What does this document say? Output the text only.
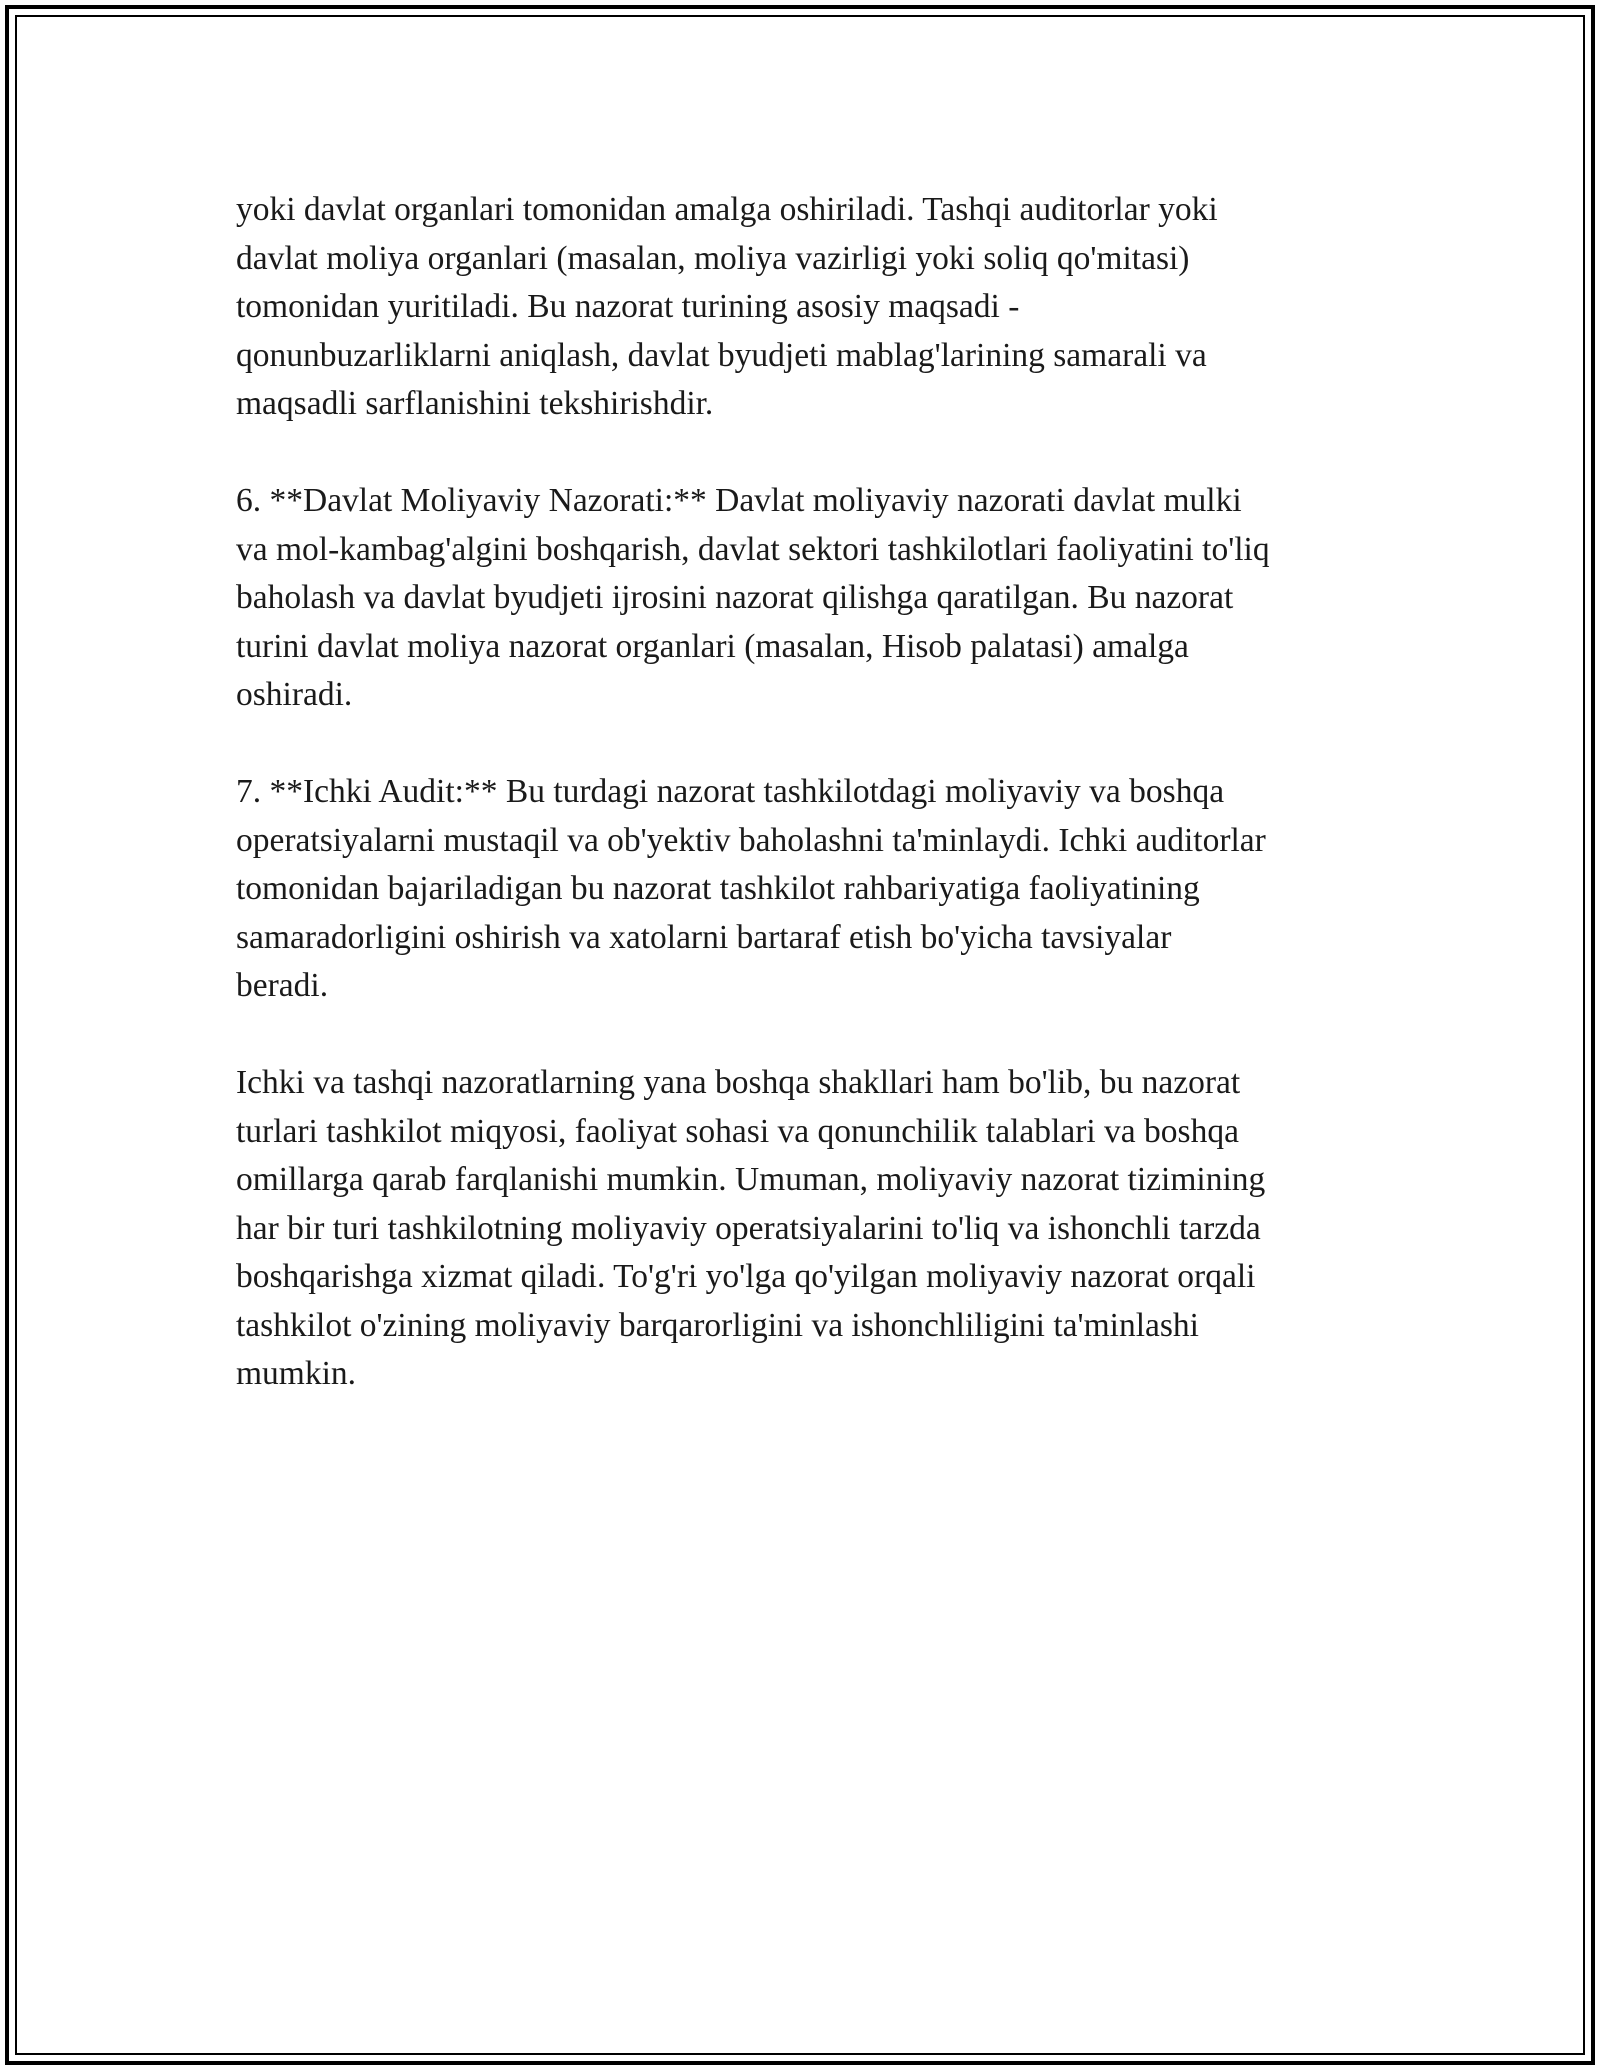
yoki davlat organlari tomonidan amalga oshiriladi. Tashqi auditorlar yoki
davlat moliya organlari (masalan, moliya vazirligi yoki soliq qo'mitasi)
tomonidan yuritiladi. Bu nazorat turining asosiy maqsadi -
qonunbuzarliklarni aniqlash, davlat byudjeti mablag'larining samarali va
maqsadli sarflanishini tekshirishdir.

6. **Davlat Moliyaviy Nazorati:** Davlat moliyaviy nazorati davlat mulki
va mol-kambag'algini boshqarish, davlat sektori tashkilotlari faoliyatini to'liq
baholash va davlat byudjeti ijrosini nazorat qilishga qaratilgan. Bu nazorat
turini davlat moliya nazorat organlari (masalan, Hisob palatasi) amalga
oshiradi.

7. **Ichki Audit:** Bu turdagi nazorat tashkilotdagi moliyaviy va boshqa
operatsiyalarni mustaqil va ob'yektiv baholashni ta'minlaydi. Ichki auditorlar
tomonidan bajariladigan bu nazorat tashkilot rahbariyatiga faoliyatining
samaradorligini oshirish va xatolarni bartaraf etish bo'yicha tavsiyalar
beradi.

Ichki va tashqi nazoratlarning yana boshqa shakllari ham bo'lib, bu nazorat
turlari tashkilot miqyosi, faoliyat sohasi va qonunchilik talablari va boshqa
omillarga qarab farqlanishi mumkin. Umuman, moliyaviy nazorat tizimining
har bir turi tashkilotning moliyaviy operatsiyalarini to'liq va ishonchli tarzda
boshqarishga xizmat qiladi. To'g'ri yo'lga qo'yilgan moliyaviy nazorat orqali
tashkilot o'zining moliyaviy barqarorligini va ishonchliligini ta'minlashi
mumkin.
